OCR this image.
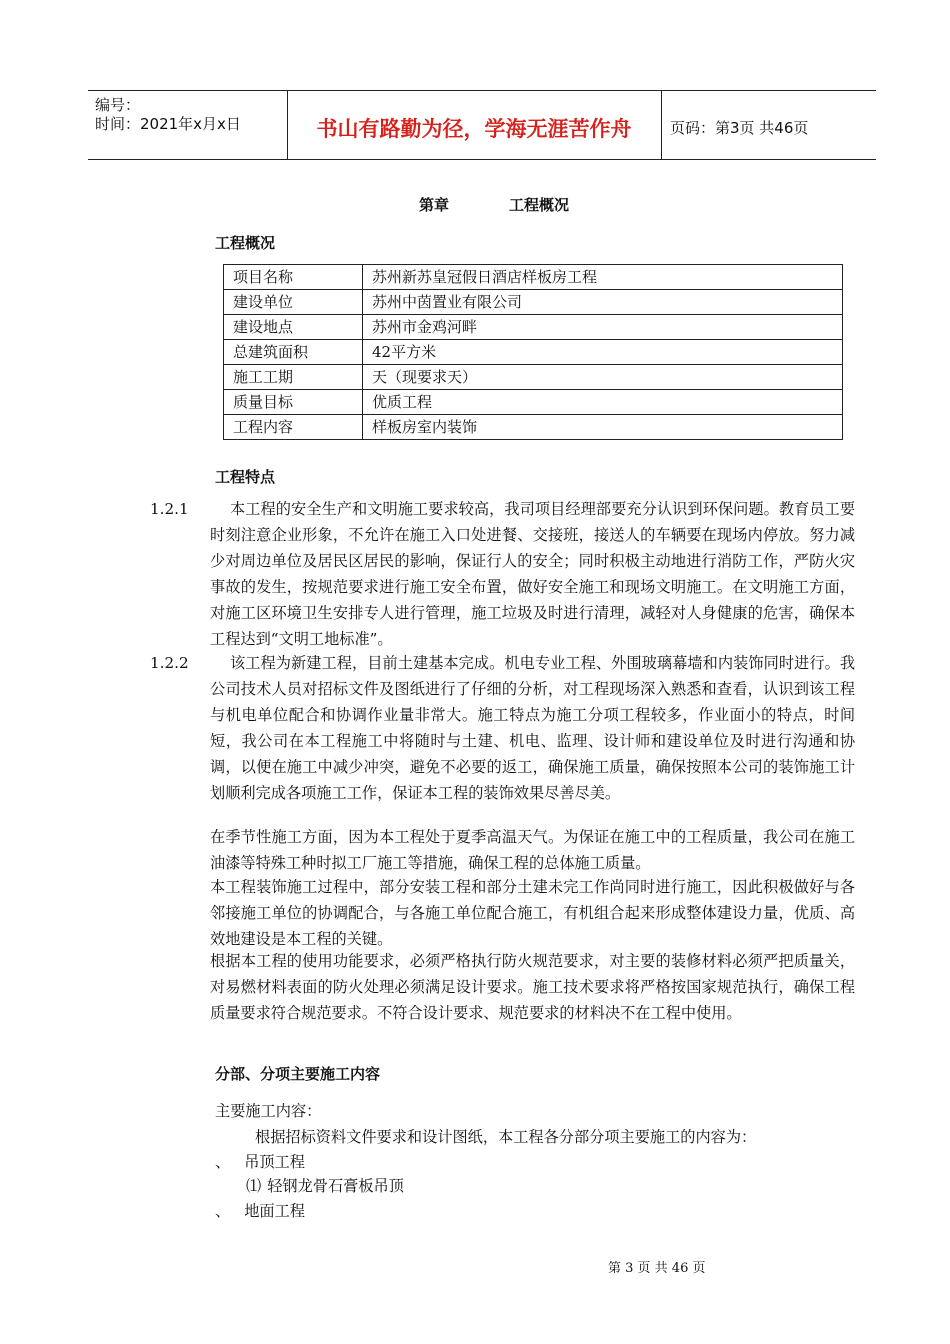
编号：
时间：2021年x月x日	书山有路勤为径，学海无涯苦作舟	页码：第3页 共46页
第章	工程概况
工程概况
项目名称	苏州新苏皇冠假日酒店样板房工程
建设单位	苏州中茵置业有限公司
建设地点	苏州市金鸡河畔
总建筑面积	42平方米
施工工期	天（现要求天）
质量目标	优质工程
工程内容	样板房室内装饰
工程特点
1.2.1	本工程的安全生产和文明施工要求较高，我司项目经理部要充分认识到环保问题。教育员工要时刻注意企业形象，不允许在施工入口处进餐、交接班，接送人的车辆要在现场内停放。努力减少对周边单位及居民区居民的影响，保证行人的安全；同时积极主动地进行消防工作，严防火灾事故的发生，按规范要求进行施工安全布置，做好安全施工和现场文明施工。在文明施工方面，对施工区环境卫生安排专人进行管理，施工垃圾及时进行清理，减轻对人身健康的危害，确保本工程达到“文明工地标准”。
1.2.2	该工程为新建工程，目前土建基本完成。机电专业工程、外围玻璃幕墙和内装饰同时进行。我公司技术人员对招标文件及图纸进行了仔细的分析，对工程现场深入熟悉和查看，认识到该工程与机电单位配合和协调作业量非常大。施工特点为施工分项工程较多，作业面小的特点，时间短，我公司在本工程施工中将随时与土建、机电、监理、设计师和建设单位及时进行沟通和协调，以便在施工中减少冲突，避免不必要的返工，确保施工质量，确保按照本公司的装饰施工计划顺利完成各项施工工作，保证本工程的装饰效果尽善尽美。
在季节性施工方面，因为本工程处于夏季高温天气。为保证在施工中的工程质量，我公司在施工油漆等特殊工种时拟工厂施工等措施，确保工程的总体施工质量。
本工程装饰施工过程中，部分安装工程和部分土建未完工作尚同时进行施工，因此积极做好与各邻接施工单位的协调配合，与各施工单位配合施工，有机组合起来形成整体建设力量，优质、高效地建设是本工程的关键。
根据本工程的使用功能要求，必须严格执行防火规范要求，对主要的装修材料必须严把质量关，对易燃材料表面的防火处理必须满足设计要求。施工技术要求将严格按国家规范执行，确保工程质量要求符合规范要求。不符合设计要求、规范要求的材料决不在工程中使用。
分部、分项主要施工内容
主要施工内容：
根据招标资料文件要求和设计图纸，本工程各分部分项主要施工的内容为：
、 吊顶工程
⑴ 轻钢龙骨石膏板吊顶
、 地面工程
第 3 页 共 46 页
